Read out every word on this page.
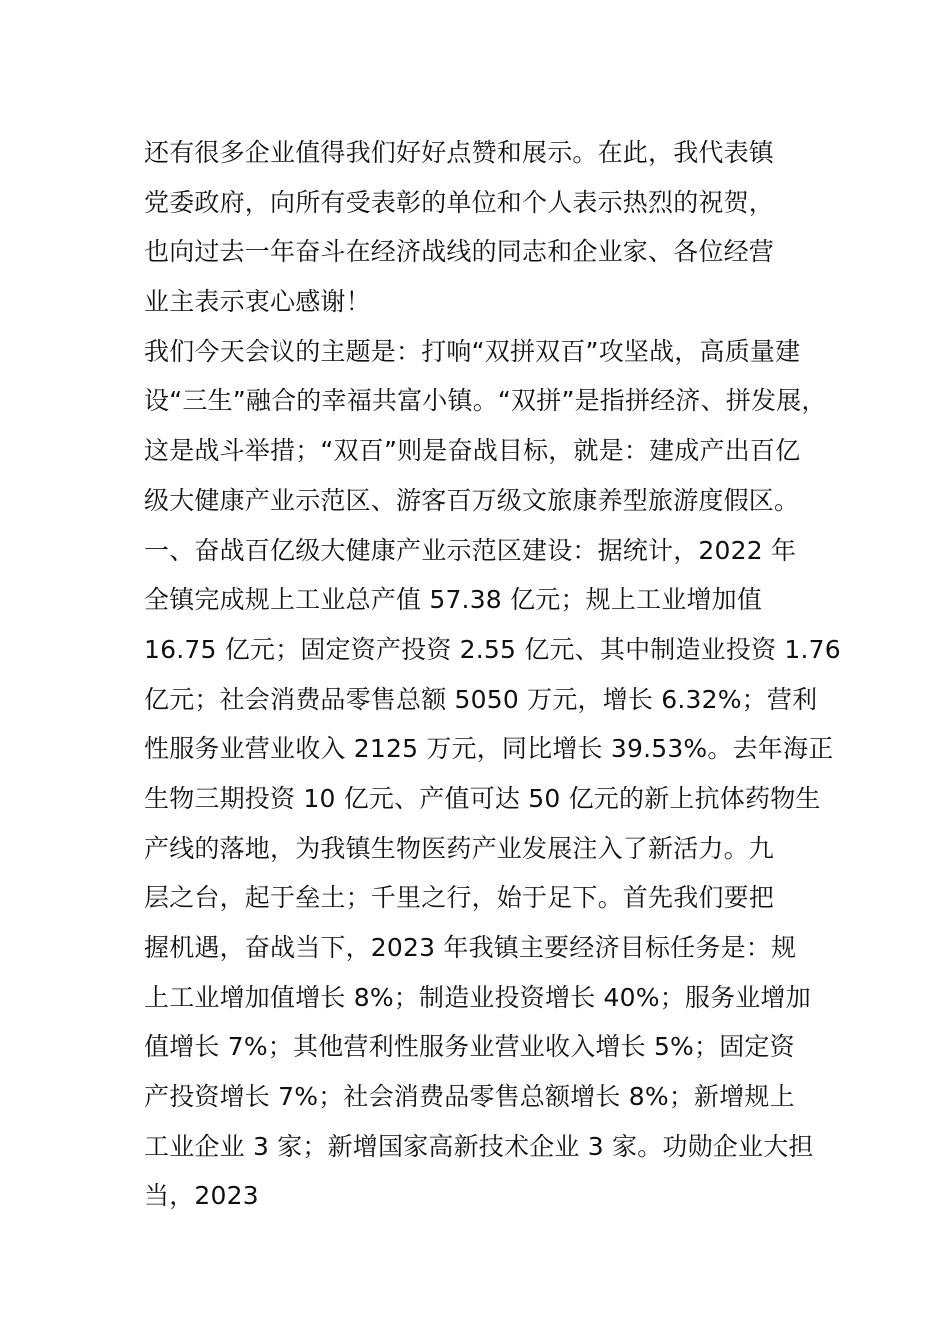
还有很多企业值得我们好好点赞和展示。在此，我代表镇
党委政府，向所有受表彰的单位和个人表示热烈的祝贺，
也向过去一年奋斗在经济战线的同志和企业家、各位经营
业主表示衷心感谢！
我们今天会议的主题是：打响“双拼双百”攻坚战，高质量建
设“三生”融合的幸福共富小镇。“双拼”是指拼经济、拼发展，
这是战斗举措；“双百”则是奋战目标，就是：建成产出百亿
级大健康产业示范区、游客百万级文旅康养型旅游度假区。
一、奋战百亿级大健康产业示范区建设：据统计，2022 年
全镇完成规上工业总产值 57.38 亿元；规上工业增加值
16.75 亿元；固定资产投资 2.55 亿元、其中制造业投资 1.76
亿元；社会消费品零售总额 5050 万元，增长 6.32%；营利
性服务业营业收入 2125 万元，同比增长 39.53%。去年海正
生物三期投资 10 亿元、产值可达 50 亿元的新上抗体药物生
产线的落地，为我镇生物医药产业发展注入了新活力。九
层之台，起于垒土；千里之行，始于足下。首先我们要把
握机遇，奋战当下，2023 年我镇主要经济目标任务是：规
上工业增加值增长 8%；制造业投资增长 40%；服务业增加
值增长 7%；其他营利性服务业营业收入增长 5%；固定资
产投资增长 7%；社会消费品零售总额增长 8%；新增规上
工业企业 3 家；新增国家高新技术企业 3 家。功勋企业大担
当，2023
